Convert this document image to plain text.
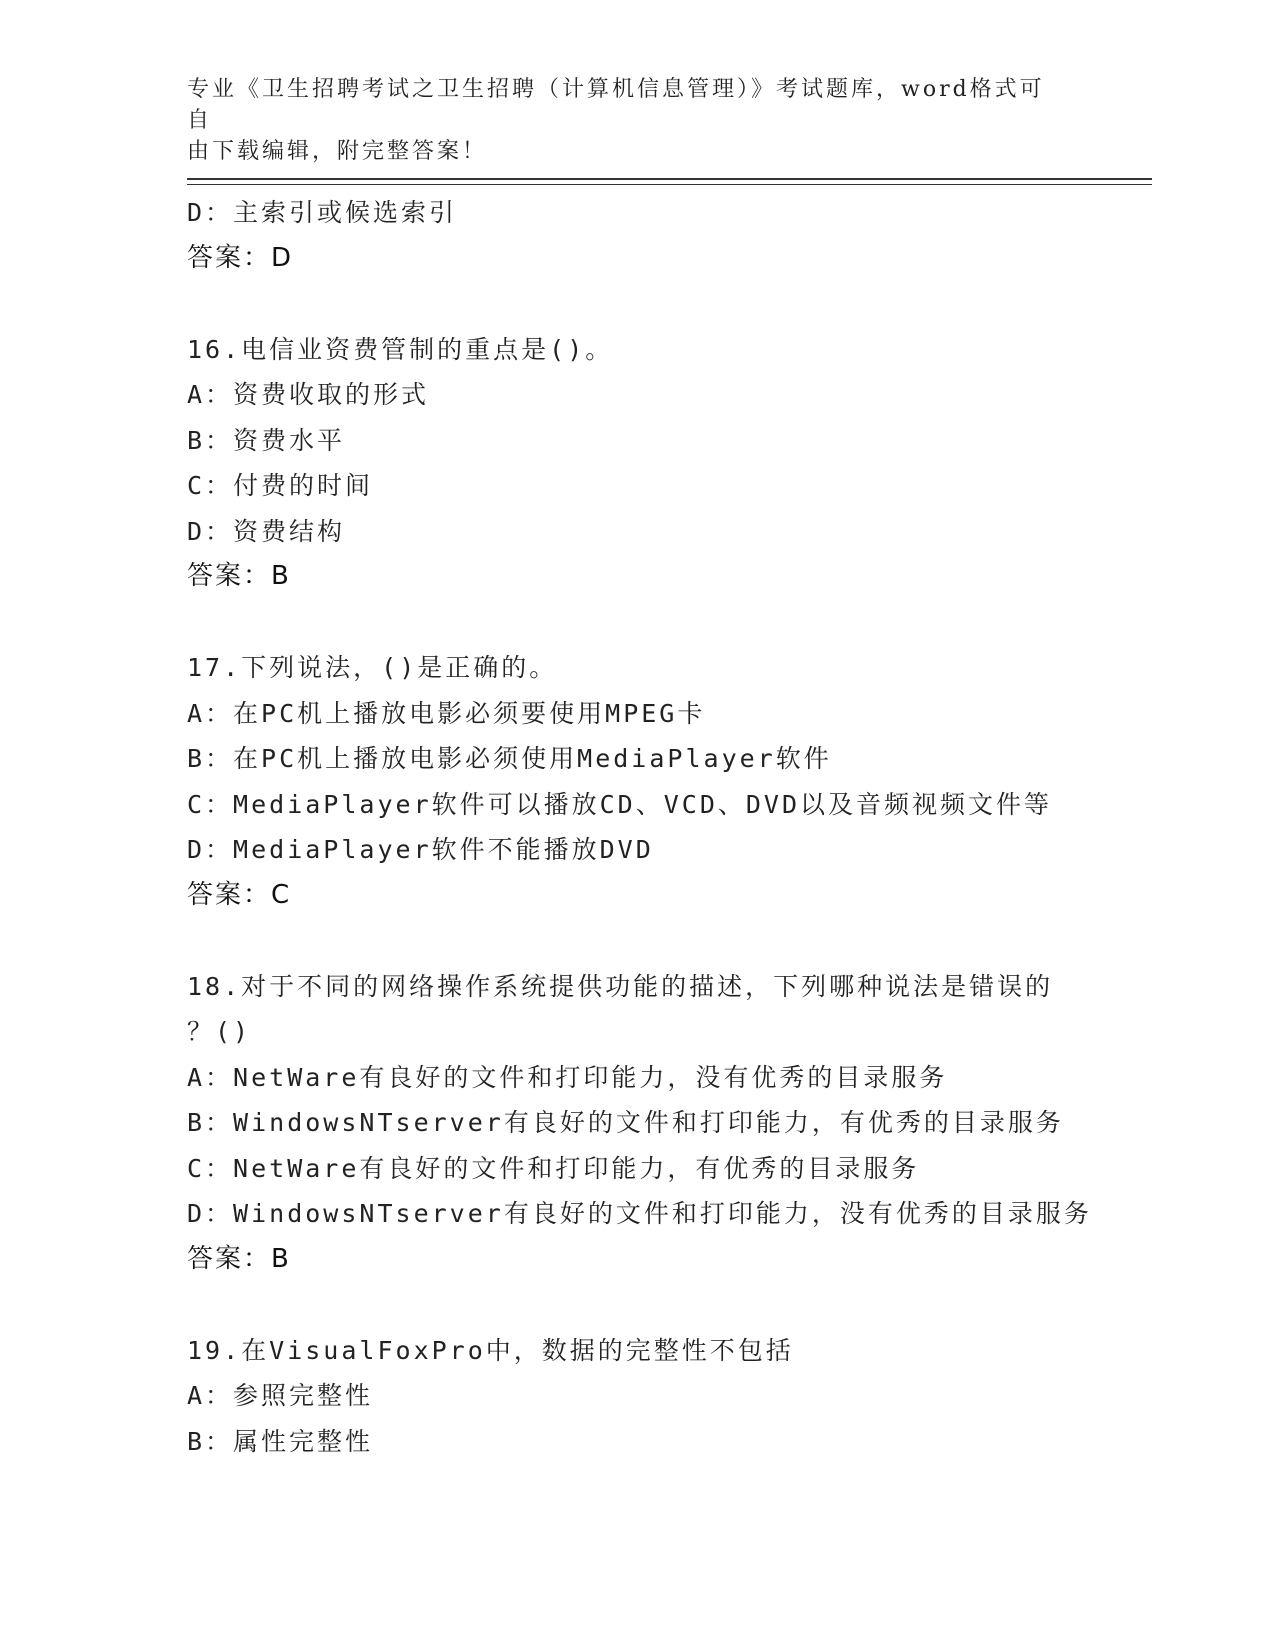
专业《卫生招聘考试之卫生招聘（计算机信息管理）》考试题库，word格式可自
由下载编辑，附完整答案！
D：主索引或候选索引
答案：D
16.电信业资费管制的重点是()。
A：资费收取的形式
B：资费水平
C：付费的时间
D：资费结构
答案：B
17.下列说法，()是正确的。
A：在PC机上播放电影必须要使用MPEG卡
B：在PC机上播放电影必须使用MediaPlayer软件
C：MediaPlayer软件可以播放CD、VCD、DVD以及音频视频文件等
D：MediaPlayer软件不能播放DVD
答案：C
18.对于不同的网络操作系统提供功能的描述，下列哪种说法是错误的
？()
A：NetWare有良好的文件和打印能力，没有优秀的目录服务
B：WindowsNTserver有良好的文件和打印能力，有优秀的目录服务
C：NetWare有良好的文件和打印能力，有优秀的目录服务
D：WindowsNTserver有良好的文件和打印能力，没有优秀的目录服务
答案：B
19.在VisualFoxPro中，数据的完整性不包括
A：参照完整性
B：属性完整性
